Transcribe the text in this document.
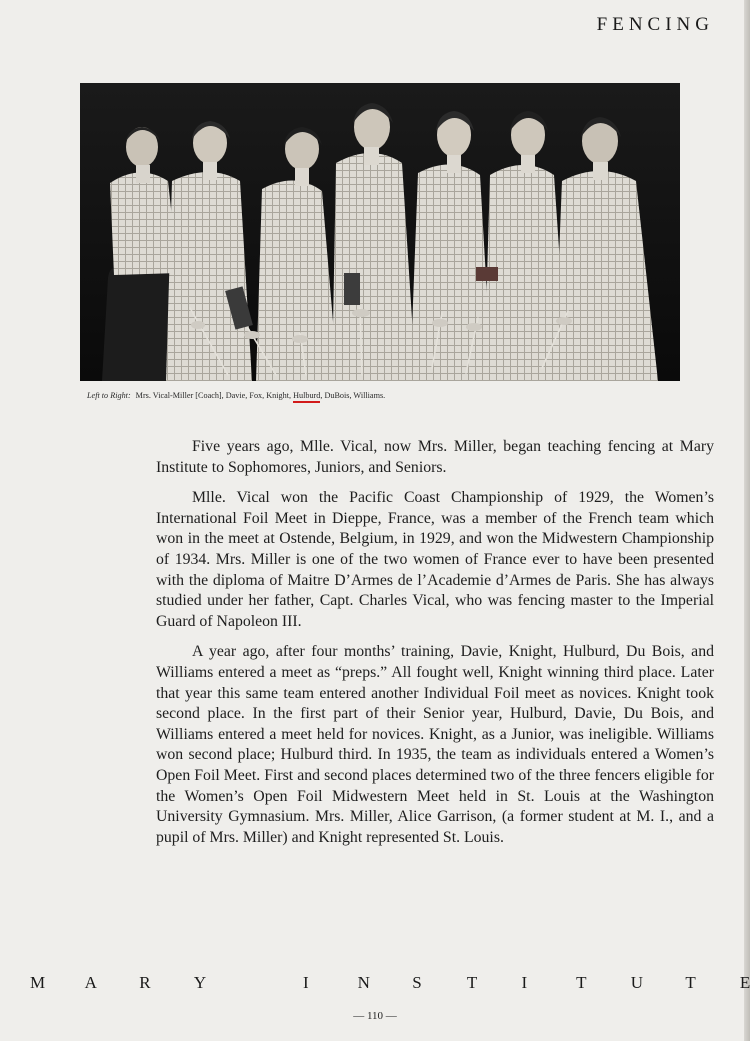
FENCING
Left to Right: Mrs. Vical-Miller [Coach], Davie, Fox, Knight, Hulburd, DuBois, Williams.

Five years ago, Mlle. Vical, now Mrs. Miller, began teaching fencing at Mary Institute to Sophomores, Juniors, and Seniors.

Mlle. Vical won the Pacific Coast Championship of 1929, the Women’s International Foil Meet in Dieppe, France, was a member of the French team which won in the meet at Ostende, Belgium, in 1929, and won the Midwestern Championship of 1934. Mrs. Miller is one of the two women of France ever to have been presented with the diploma of Maitre D’Armes de l’Academie d’Armes de Paris. She has always studied under her father, Capt. Charles Vical, who was fencing master to the Imperial Guard of Napoleon III.

A year ago, after four months’ training, Davie, Knight, Hulburd, Du Bois, and Williams entered a meet as “preps.” All fought well, Knight winning third place. Later that year this same team entered another Individual Foil meet as novices. Knight took second place. In the first part of their Senior year, Hulburd, Davie, Du Bois, and Williams entered a meet held for novices. Knight, as a Junior, was ineligible. Williams won second place; Hulburd third. In 1935, the team as individuals entered a Women’s Open Foil Meet. First and second places determined two of the three fencers eligible for the Women’s Open Foil Midwestern Meet held in St. Louis at the Washington University Gymnasium. Mrs. Miller, Alice Garrison, (a former student at M. I., and a pupil of Mrs. Miller) and Knight represented St. Louis.

M A R	Y	I	N S	T	I	T	U T	E
— 110 —
